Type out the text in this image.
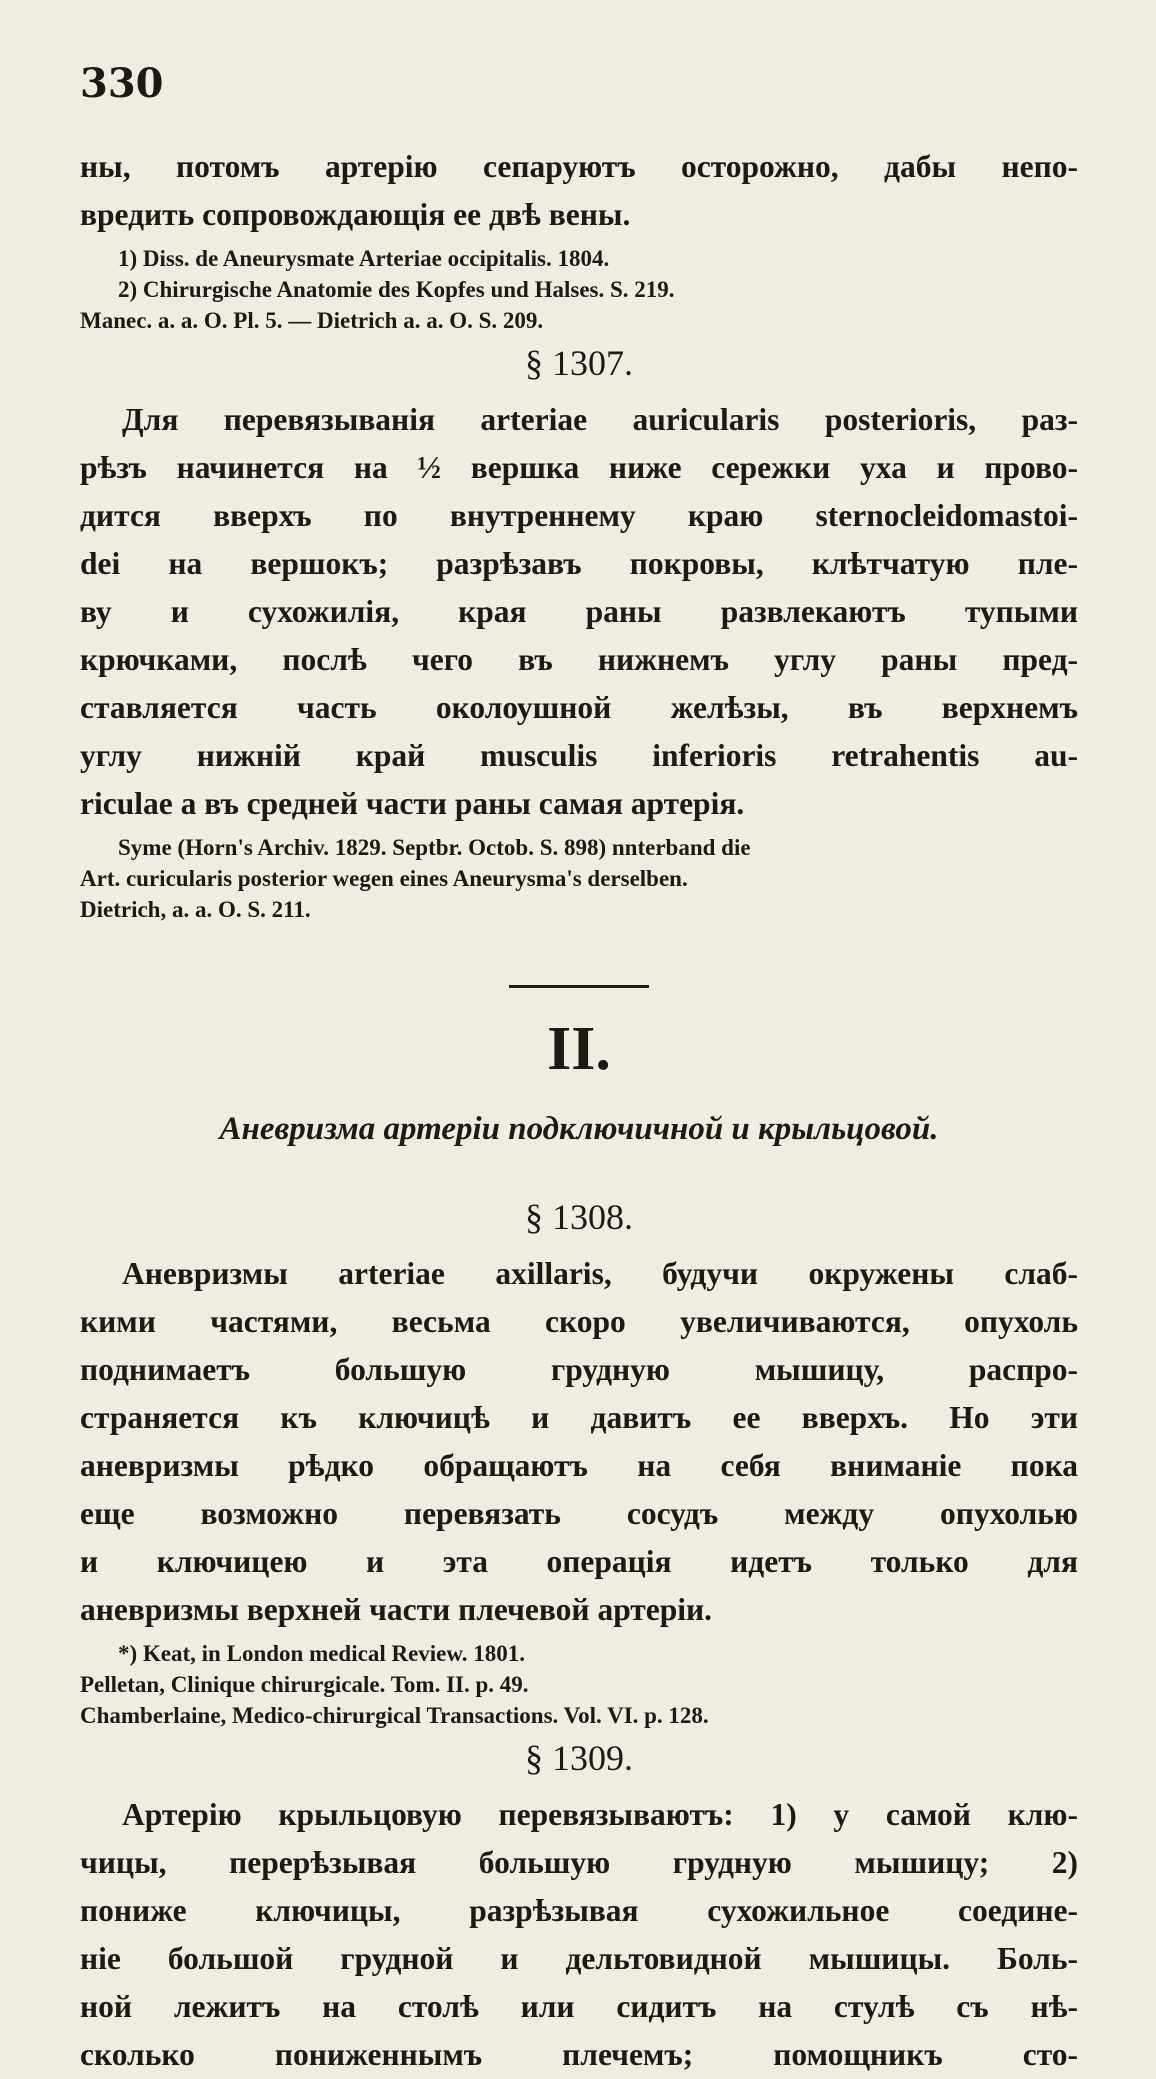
330
ны, потомъ артерію сепаруютъ осторожно, дабы непо-
вредить сопровождающія ее двѣ вены.
1) Diss. de Aneurysmate Arteriae occipitalis. 1804.
2) Chirurgische Anatomie des Kopfes und Halses. S. 219.
Manec. a. a. O. Pl. 5. — Dietrich a. a. O. S. 209.
§ 1307.
Для перевязыванія arteriae auricularis posterioris, раз-
рѣзъ начинется на ½ вершка ниже сережки уха и прово-
дится вверхъ по внутреннему краю sternocleidomastoi-
dei на вершокъ; разрѣзавъ покровы, клѣтчатую пле-
ву и сухожилія, края раны развлекаютъ тупыми
крючками, послѣ чего въ нижнемъ углу раны пред-
ставляется часть околоушной желѣзы, въ верхнемъ
углу нижній край musculis inferioris retrahentis au-
riculae а въ средней части раны самая артерія.
Syme (Horn's Archiv. 1829. Septbr. Octob. S. 898) nnterband die
Art. curicularis posterior wegen eines Aneurysma's derselben.
Dietrich, a. a. O. S. 211.
II.
Аневризма артеріи подключичной и крыльцовой.
§ 1308.
Аневризмы arteriae axillaris, будучи окружены слаб-
кими частями, весьма скоро увеличиваются, опухоль
поднимаетъ большую грудную мышицу, распро-
страняется къ ключицѣ и давитъ ее вверхъ. Но эти
аневризмы рѣдко обращаютъ на себя вниманіе пока
еще возможно перевязать сосудъ между опухолью
и ключицею и эта операція идетъ только для
аневризмы верхней части плечевой артеріи.
*) Keat, in London medical Review. 1801.
Pelletan, Clinique chirurgicale. Tom. II. p. 49.
Chamberlaine, Medico-chirurgical Transactions. Vol. VI. p. 128.
§ 1309.
Артерію крыльцовую перевязываютъ: 1) у самой клю-
чицы, перерѣзывая большую грудную мышицу; 2)
пониже ключицы, разрѣзывая сухожильное соедине-
ніе большой грудной и дельтовидной мышицы. Боль-
ной лежитъ на столѣ или сидитъ на стулѣ съ нѣ-
сколько пониженнымъ плечемъ; помощникъ сто-
